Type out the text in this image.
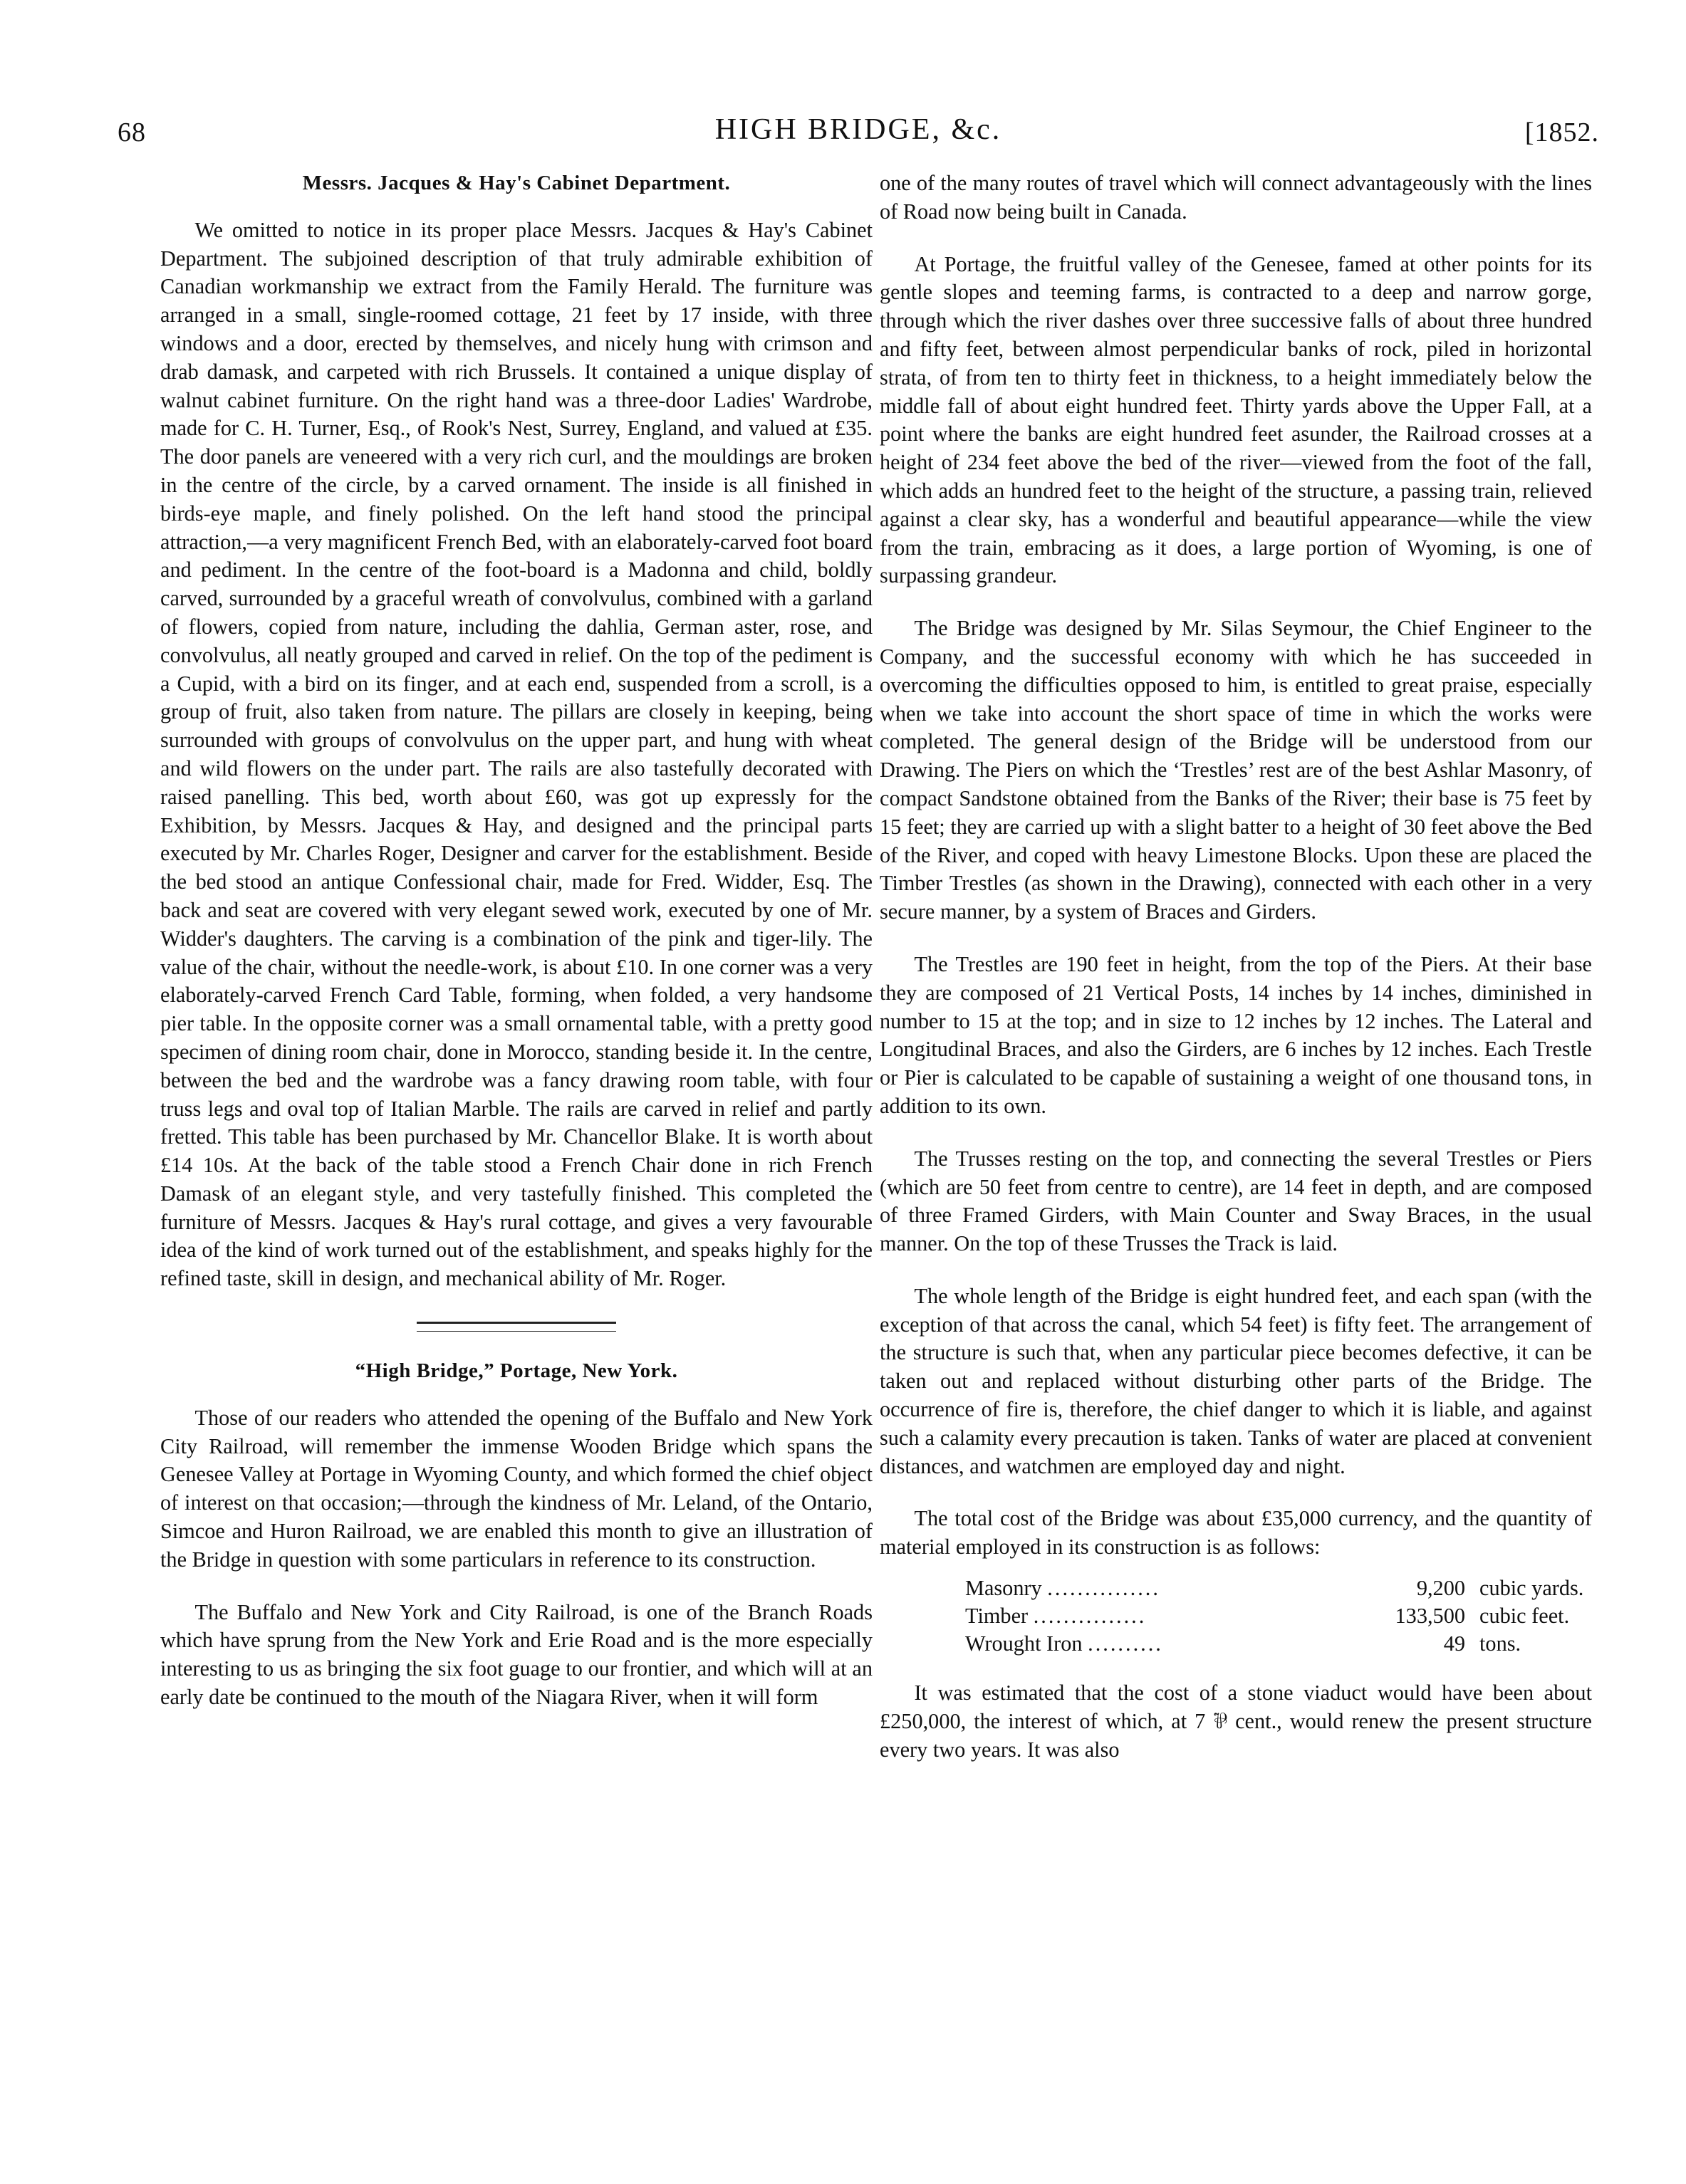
68	HIGH BRIDGE, &c.	[1852.
Messrs. Jacques & Hay's Cabinet Department.

We omitted to notice in its proper place Messrs. Jacques & Hay's Cabinet Department. The subjoined description of that truly admirable exhibition of Canadian workmanship we extract from the Family Herald. The furniture was arranged in a small, single-roomed cottage, 21 feet by 17 inside, with three windows and a door, erected by themselves, and nicely hung with crimson and drab damask, and carpeted with rich Brussels. It contained a unique display of walnut cabinet furniture. On the right hand was a three-door Ladies' Wardrobe, made for C. H. Turner, Esq., of Rook's Nest, Surrey, England, and valued at £35. The door panels are veneered with a very rich curl, and the mouldings are broken in the centre of the circle, by a carved ornament. The inside is all finished in birds-eye maple, and finely polished. On the left hand stood the principal attraction,—a very magnificent French Bed, with an elaborately-carved foot board and pediment. In the centre of the foot-board is a Madonna and child, boldly carved, surrounded by a graceful wreath of convolvulus, combined with a garland of flowers, copied from nature, including the dahlia, German aster, rose, and convolvulus, all neatly grouped and carved in relief. On the top of the pediment is a Cupid, with a bird on its finger, and at each end, suspended from a scroll, is a group of fruit, also taken from nature. The pillars are closely in keeping, being surrounded with groups of convolvulus on the upper part, and hung with wheat and wild flowers on the under part. The rails are also tastefully decorated with raised panelling. This bed, worth about £60, was got up expressly for the Exhibition, by Messrs. Jacques & Hay, and designed and the principal parts executed by Mr. Charles Roger, Designer and carver for the establishment. Beside the bed stood an antique Confessional chair, made for Fred. Widder, Esq. The back and seat are covered with very elegant sewed work, executed by one of Mr. Widder's daughters. The carving is a combination of the pink and tiger-lily. The value of the chair, without the needle-work, is about £10. In one corner was a very elaborately-carved French Card Table, forming, when folded, a very handsome pier table. In the opposite corner was a small ornamental table, with a pretty good specimen of dining room chair, done in Morocco, standing beside it. In the centre, between the bed and the wardrobe was a fancy drawing room table, with four truss legs and oval top of Italian Marble. The rails are carved in relief and partly fretted. This table has been purchased by Mr. Chancellor Blake. It is worth about £14 10s. At the back of the table stood a French Chair done in rich French Damask of an elegant style, and very tastefully finished. This completed the furniture of Messrs. Jacques & Hay's rural cottage, and gives a very favourable idea of the kind of work turned out of the establishment, and speaks highly for the refined taste, skill in design, and mechanical ability of Mr. Roger.

“High Bridge,” Portage, New York.

Those of our readers who attended the opening of the Buffalo and New York City Railroad, will remember the immense Wooden Bridge which spans the Genesee Valley at Portage in Wyoming County, and which formed the chief object of interest on that occasion;—through the kindness of Mr. Leland, of the Ontario, Simcoe and Huron Railroad, we are enabled this month to give an illustration of the Bridge in question with some particulars in reference to its construction.

The Buffalo and New York and City Railroad, is one of the Branch Roads which have sprung from the New York and Erie Road and is the more especially interesting to us as bringing the six foot guage to our frontier, and which will at an early date be continued to the mouth of the Niagara River, when it will form

one of the many routes of travel which will connect advantageously with the lines of Road now being built in Canada.

At Portage, the fruitful valley of the Genesee, famed at other points for its gentle slopes and teeming farms, is contracted to a deep and narrow gorge, through which the river dashes over three successive falls of about three hundred and fifty feet, between almost perpendicular banks of rock, piled in horizontal strata, of from ten to thirty feet in thickness, to a height immediately below the middle fall of about eight hundred feet. Thirty yards above the Upper Fall, at a point where the banks are eight hundred feet asunder, the Railroad crosses at a height of 234 feet above the bed of the river—viewed from the foot of the fall, which adds an hundred feet to the height of the structure, a passing train, relieved against a clear sky, has a wonderful and beautiful appearance—while the view from the train, embracing as it does, a large portion of Wyoming, is one of surpassing grandeur.

The Bridge was designed by Mr. Silas Seymour, the Chief Engineer to the Company, and the successful economy with which he has succeeded in overcoming the difficulties opposed to him, is entitled to great praise, especially when we take into account the short space of time in which the works were completed. The general design of the Bridge will be understood from our Drawing. The Piers on which the ‘Trestles’ rest are of the best Ashlar Masonry, of compact Sandstone obtained from the Banks of the River; their base is 75 feet by 15 feet; they are carried up with a slight batter to a height of 30 feet above the Bed of the River, and coped with heavy Limestone Blocks. Upon these are placed the Timber Trestles (as shown in the Drawing), connected with each other in a very secure manner, by a system of Braces and Girders.

The Trestles are 190 feet in height, from the top of the Piers. At their base they are composed of 21 Vertical Posts, 14 inches by 14 inches, diminished in number to 15 at the top; and in size to 12 inches by 12 inches. The Lateral and Longitudinal Braces, and also the Girders, are 6 inches by 12 inches. Each Trestle or Pier is calculated to be capable of sustaining a weight of one thousand tons, in addition to its own.

The Trusses resting on the top, and connecting the several Trestles or Piers (which are 50 feet from centre to centre), are 14 feet in depth, and are composed of three Framed Girders, with Main Counter and Sway Braces, in the usual manner. On the top of these Trusses the Track is laid.

The whole length of the Bridge is eight hundred feet, and each span (with the exception of that across the canal, which 54 feet) is fifty feet. The arrangement of the structure is such that, when any particular piece becomes defective, it can be taken out and replaced without disturbing other parts of the Bridge. The occurrence of fire is, therefore, the chief danger to which it is liable, and against such a calamity every precaution is taken. Tanks of water are placed at convenient distances, and watchmen are employed day and night.

The total cost of the Bridge was about £35,000 currency, and the quantity of material employed in its construction is as follows:

Masonry ...............	9,200	cubic yards.
Timber ...............	133,500	cubic feet.
Wrought Iron ..........	49	tons.

It was estimated that the cost of a stone viaduct would have been about £250,000, the interest of which, at 7 ⅌ cent., would renew the present structure every two years. It was also
